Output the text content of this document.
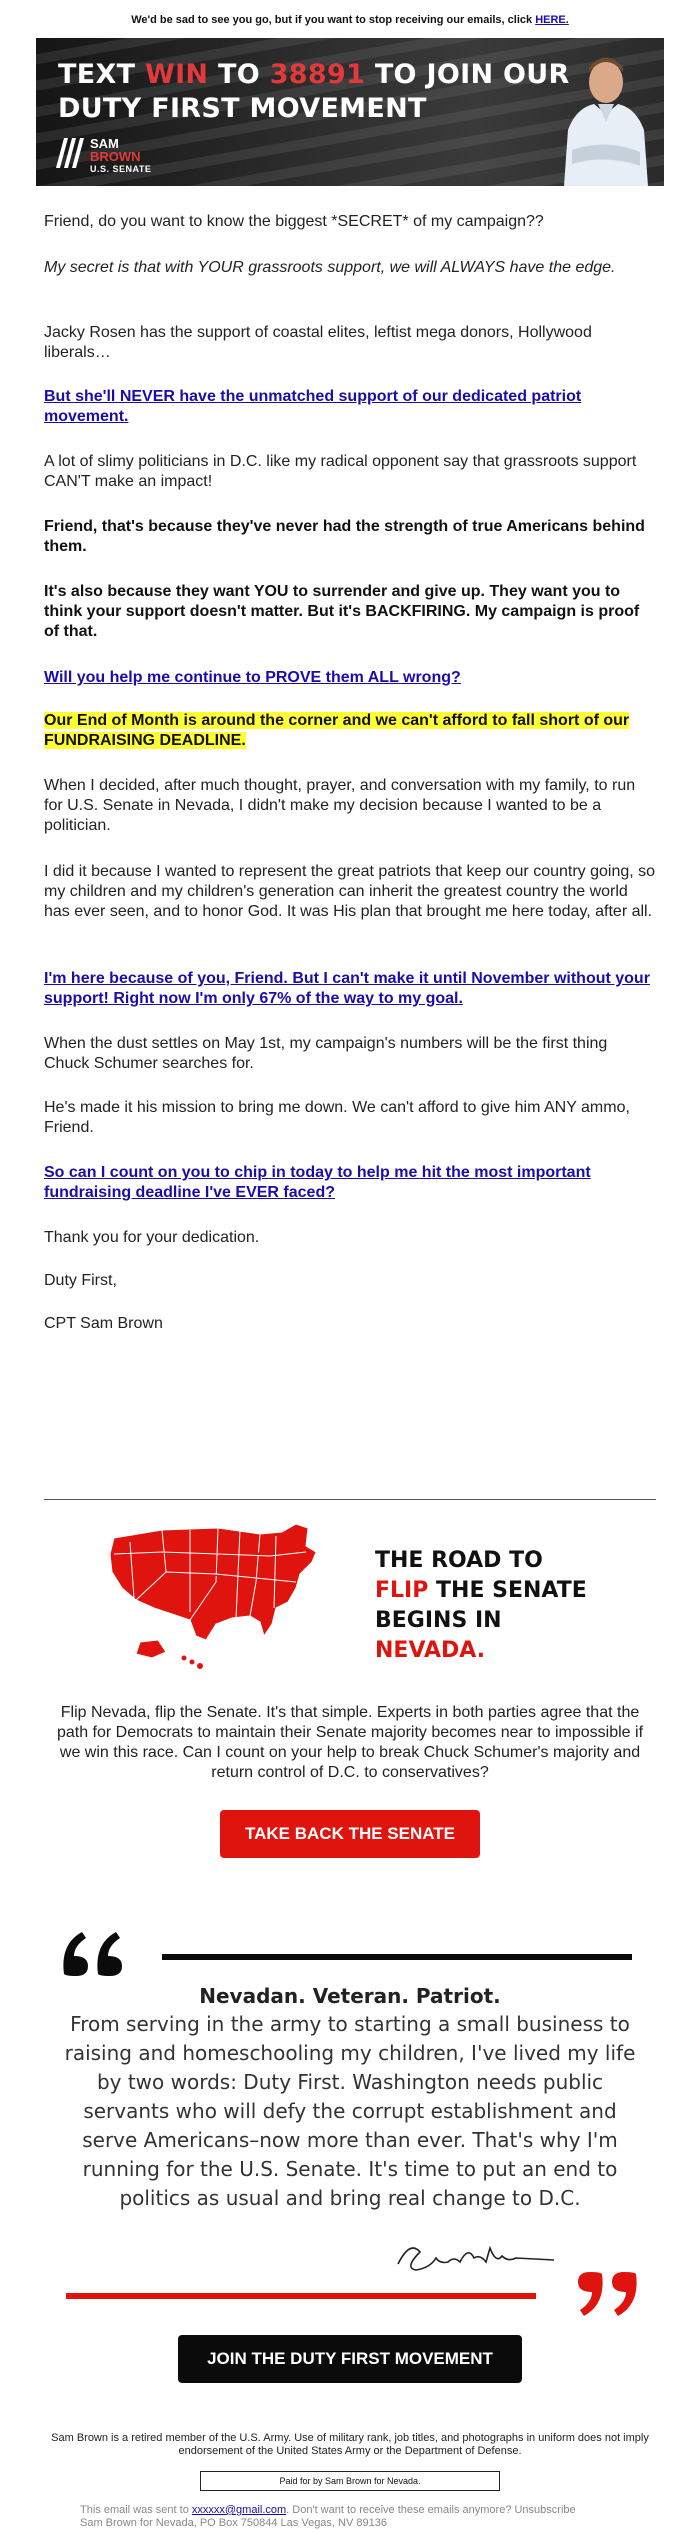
We'd be sad to see you go, but if you want to stop receiving our emails, click HERE.
TEXT WIN TO 38891 TO JOIN OUR
DUTY FIRST MOVEMENT
SAM
BROWN
U.S. SENATE

Friend, do you want to know the biggest *SECRET* of my campaign??

My secret is that with YOUR grassroots support, we will ALWAYS have the edge.

Jacky Rosen has the support of coastal elites, leftist mega donors, Hollywood liberals…

But she'll NEVER have the unmatched support of our dedicated patriot movement.

A lot of slimy politicians in D.C. like my radical opponent say that grassroots support CAN'T make an impact!

Friend, that's because they've never had the strength of true Americans behind them.

It's also because they want YOU to surrender and give up. They want you to think your support doesn't matter. But it's BACKFIRING. My campaign is proof of that.

Will you help me continue to PROVE them ALL wrong?

Our End of Month is around the corner and we can't afford to fall short of our FUNDRAISING DEADLINE.

When I decided, after much thought, prayer, and conversation with my family, to run for U.S. Senate in Nevada, I didn't make my decision because I wanted to be a politician.

I did it because I wanted to represent the great patriots that keep our country going, so my children and my children's generation can inherit the greatest country the world has ever seen, and to honor God. It was His plan that brought me here today, after all.

I'm here because of you, Friend. But I can't make it until November without your support! Right now I'm only 67% of the way to my goal.

When the dust settles on May 1st, my campaign's numbers will be the first thing Chuck Schumer searches for.

He's made it his mission to bring me down. We can't afford to give him ANY ammo, Friend.

So can I count on you to chip in today to help me hit the most important fundraising deadline I've EVER faced?

Thank you for your dedication.

Duty First,

CPT Sam Brown

THE ROAD TO
FLIP THE SENATE
BEGINS IN NEVADA.

Flip Nevada, flip the Senate. It's that simple. Experts in both parties agree that the path for Democrats to maintain their Senate majority becomes near to impossible if we win this race. Can I count on your help to break Chuck Schumer's majority and return control of D.C. to conservatives?

TAKE BACK THE SENATE
Nevadan. Veteran. Patriot.

From serving in the army to starting a small business to raising and homeschooling my children, I've lived my life by two words: Duty First. Washington needs public servants who will defy the corrupt establishment and serve Americans–now more than ever. That's why I'm running for the U.S. Senate. It's time to put an end to politics as usual and bring real change to D.C.

JOIN THE DUTY FIRST MOVEMENT

Sam Brown is a retired member of the U.S. Army. Use of military rank, job titles, and photographs in uniform does not imply endorsement of the United States Army or the Department of Defense.

Paid for by Sam Brown for Nevada.

This email was sent to xxxxxx@gmail.com. Don't want to receive these emails anymore? Unsubscribe
Sam Brown for Nevada, PO Box 750844 Las Vegas, NV 89136
